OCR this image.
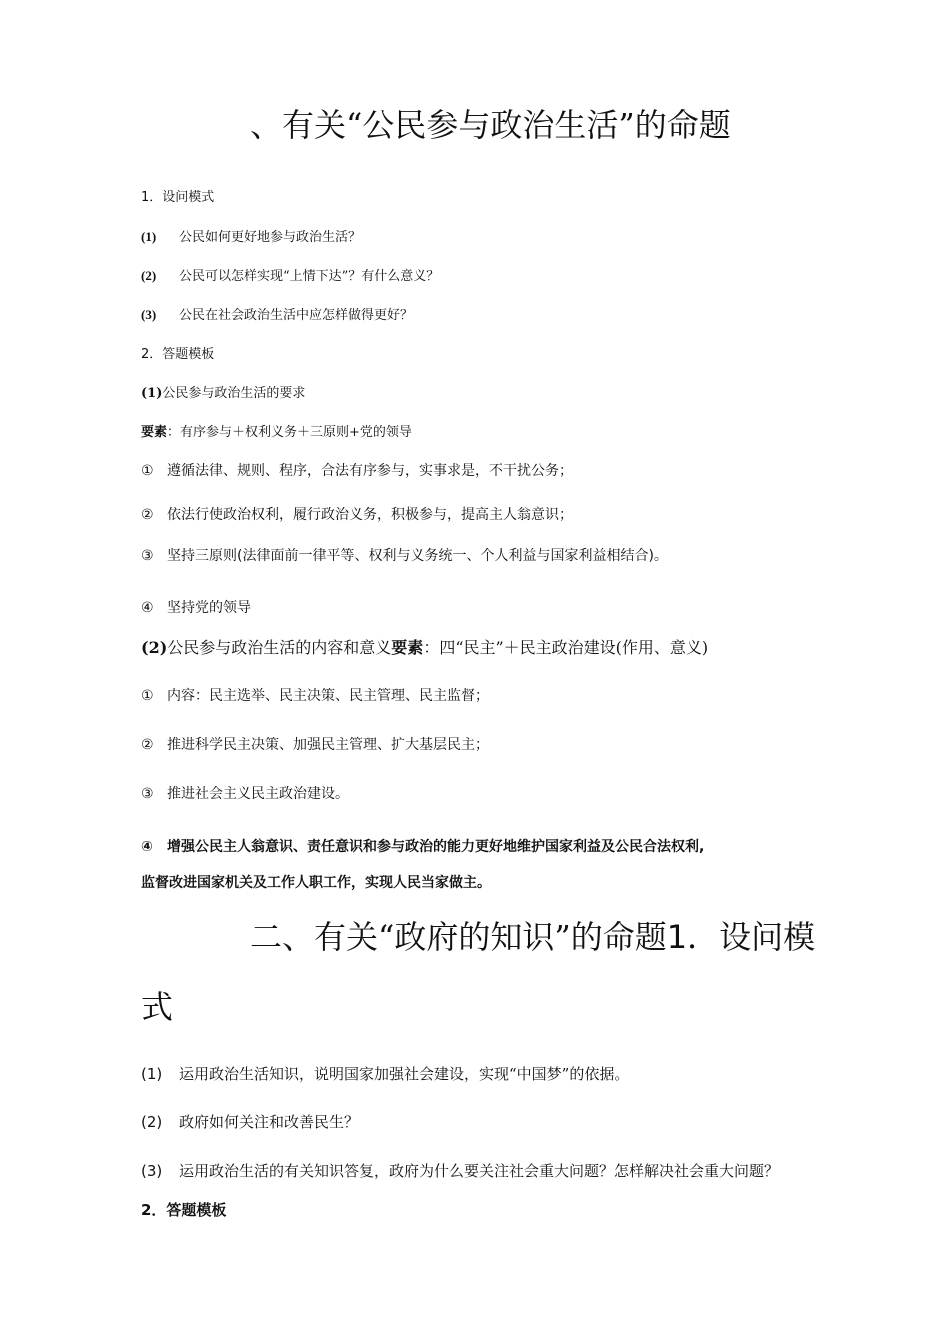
、有关“公民参与政治生活”的命题
1．设问模式
(1) 公民如何更好地参与政治生活？
(2) 公民可以怎样实现“上情下达”？有什么意义？
(3) 公民在社会政治生活中应怎样做得更好？
2．答题模板
(1)公民参与政治生活的要求
要素：有序参与＋权利义务＋三原则+党的领导
① 遵循法律、规则、程序，合法有序参与，实事求是，不干扰公务；
② 依法行使政治权利，履行政治义务，积极参与，提高主人翁意识；
③ 坚持三原则(法律面前一律平等、权利与义务统一、个人利益与国家利益相结合)。
④ 坚持党的领导
(2)公民参与政治生活的内容和意义要素：四“民主”＋民主政治建设(作用、意义)
① 内容：民主选举、民主决策、民主管理、民主监督；
② 推进科学民主决策、加强民主管理、扩大基层民主；
③ 推进社会主义民主政治建设。
④ 增强公民主人翁意识、责任意识和参与政治的能力更好地维护国家利益及公民合法权利,
监督改进国家机关及工作人职工作，实现人民当家做主。
二、有关“政府的知识”的命题1．设问模
式
(1) 运用政治生活知识，说明国家加强社会建设，实现“中国梦”的依据。
(2) 政府如何关注和改善民生？
(3) 运用政治生活的有关知识答复，政府为什么要关注社会重大问题？怎样解决社会重大问题？
2．答题模板
